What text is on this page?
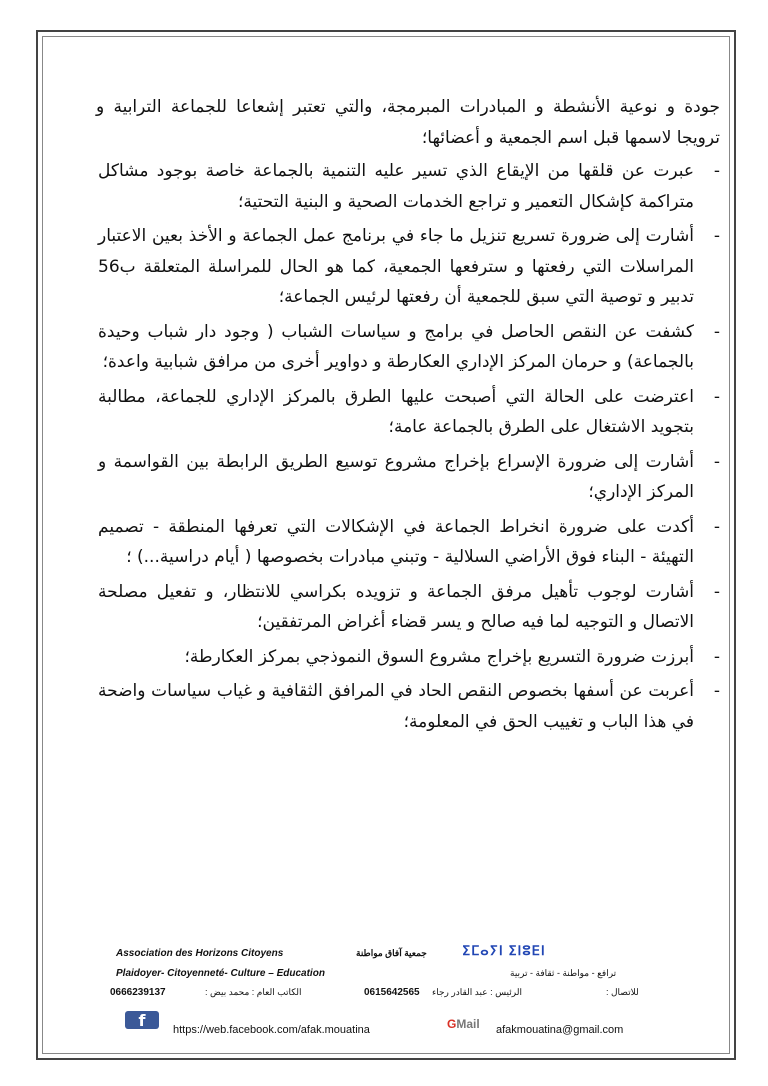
جودة و نوعية الأنشطة و المبادرات المبرمجة، والتي تعتبر إشعاعا للجماعة الترابية و ترويجا لاسمها قبل اسم الجمعية و أعضائها؛

-
عبرت عن قلقها من الإيقاع الذي تسير عليه التنمية بالجماعة خاصة بوجود مشاكل متراكمة كإشكال التعمير و تراجع الخدمات الصحية و البنية التحتية؛
-
أشارت إلى ضرورة تسريع تنزيل ما جاء في برنامج عمل الجماعة و الأخذ بعين الاعتبار المراسلات التي رفعتها و سترفعها الجمعية، كما هو الحال للمراسلة المتعلقة ب56 تدبير و توصية التي سبق للجمعية أن رفعتها لرئيس الجماعة؛
-
كشفت عن النقص الحاصل في برامج و سياسات الشباب ( وجود دار شباب وحيدة بالجماعة) و حرمان المركز الإداري العكارطة و دواوير أخرى من مرافق شبابية واعدة؛
-
اعترضت على الحالة التي أصبحت عليها الطرق بالمركز الإداري للجماعة، مطالبة بتجويد الاشتغال على الطرق بالجماعة عامة؛
-
أشارت إلى ضرورة الإسراع بإخراج مشروع توسيع الطريق الرابطة بين القواسمة و المركز الإداري؛
-
أكدت على ضرورة انخراط الجماعة في الإشكالات التي تعرفها المنطقة - تصميم التهيئة - البناء فوق الأراضي السلالية - وتبني مبادرات بخصوصها ( أيام دراسية...) ؛
-
أشارت لوجوب تأهيل مرفق الجماعة و تزويده بكراسي للانتظار، و تفعيل مصلحة الاتصال و التوجيه لما فيه صالح و يسر قضاء أغراض المرتفقين؛
-
أبرزت ضرورة التسريع بإخراج مشروع السوق النموذجي بمركز العكارطة؛
-
أعربت عن أسفها بخصوص النقص الحاد في المرافق الثقافية و غياب سياسات واضحة في هذا الباب و تغييب الحق في المعلومة؛
Association des Horizons Citoyens	جمعية آفاق مواطنة	ⵉⵎⴰⵢⵏ ⵉⵏⵓⴹⵏ
Plaidoyer- Citoyenneté- Culture – Education	ترافع - مواطنة - ثقافة - تربية
0666239137	الكاتب العام : محمد بيض :	0615642565 الرئيس : عبد القادر رجاء	للاتصال :
f	https://web.facebook.com/afak.mouatina	GMail afakmouatina@gmail.com
